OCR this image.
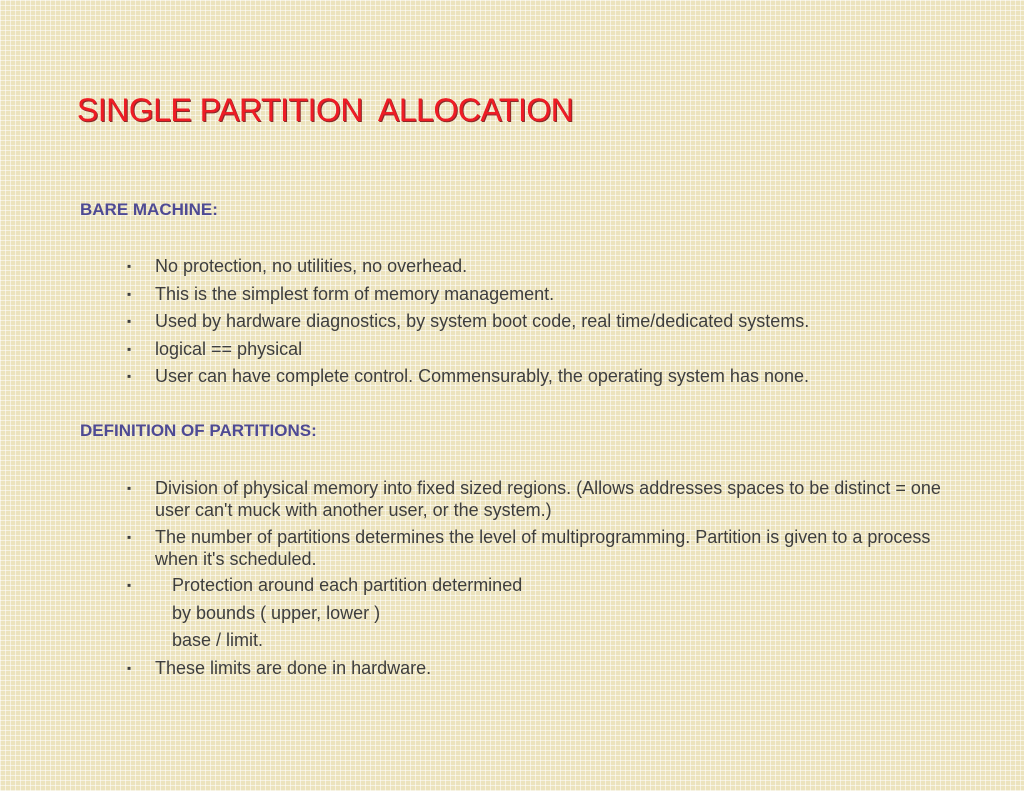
SINGLE PARTITION  ALLOCATION
BARE MACHINE:
▪ No protection, no utilities, no overhead.
▪ This is the simplest form of memory management.
▪ Used by hardware diagnostics, by system boot code, real time/dedicated systems.
▪ logical == physical
▪ User can have complete control. Commensurably, the operating system has none.
DEFINITION OF PARTITIONS:
▪ Division of physical memory into fixed sized regions. (Allows addresses spaces to be distinct = one user can't muck with another user, or the system.)
▪ The number of partitions determines the level of multiprogramming. Partition is given to a process when it's scheduled.
▪	Protection around each partition determined
by bounds ( upper, lower )
base / limit.
▪ These limits are done in hardware.
